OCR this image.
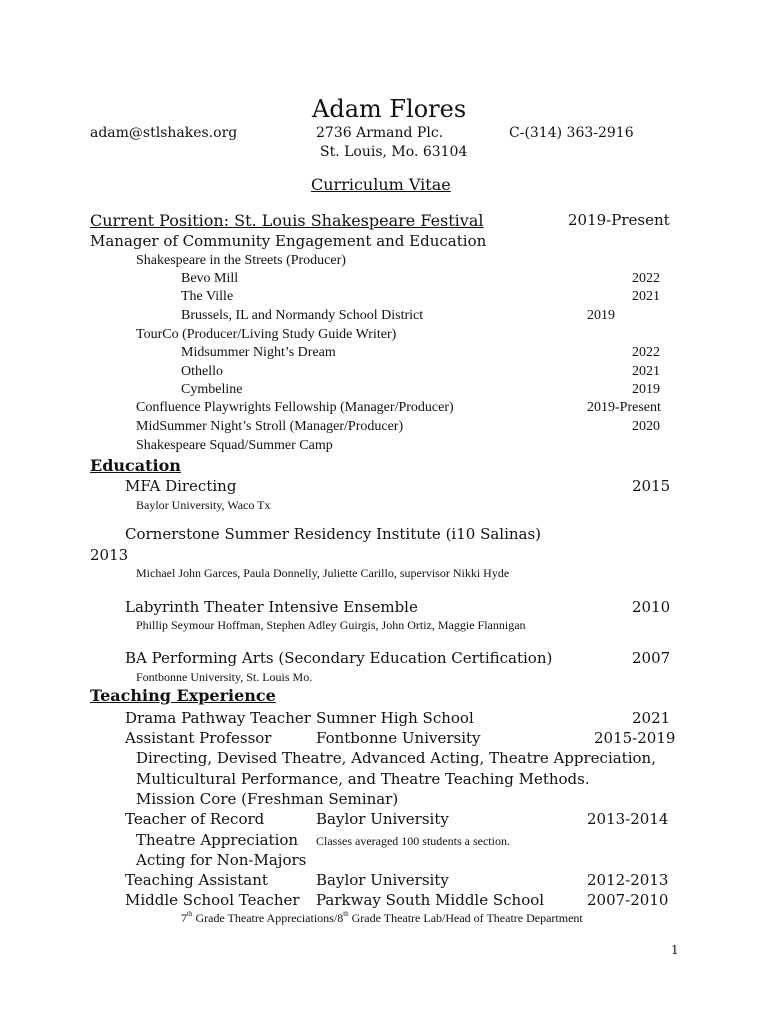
Adam Flores
adam@stlshakes.org	2736 Armand Plc.	C-(314) 363-2916
St. Louis, Mo. 63104
Curriculum Vitae
Current Position: St. Louis Shakespeare Festival	2019-Present
Manager of Community Engagement and Education
Shakespeare in the Streets (Producer)
Bevo Mill	2022
The Ville	2021
Brussels, IL and Normandy School District	2019
TourCo (Producer/Living Study Guide Writer)
Midsummer Night’s Dream	2022
Othello	2021
Cymbeline	2019
Confluence Playwrights Fellowship (Manager/Producer)	2019-Present
MidSummer Night’s Stroll (Manager/Producer)	2020
Shakespeare Squad/Summer Camp
Education
MFA Directing	2015
Baylor University, Waco Tx
Cornerstone Summer Residency Institute (i10 Salinas)
2013
Michael John Garces, Paula Donnelly, Juliette Carillo, supervisor Nikki Hyde
Labyrinth Theater Intensive Ensemble	2010
Phillip Seymour Hoffman, Stephen Adley Guirgis, John Ortiz, Maggie Flannigan
BA Performing Arts (Secondary Education Certification)	2007
Fontbonne University, St. Louis Mo.
Teaching Experience
Drama Pathway Teacher Sumner High School	2021
Assistant Professor	Fontbonne University	2015-2019
Directing, Devised Theatre, Advanced Acting, Theatre Appreciation,
Multicultural Performance, and Theatre Teaching Methods.
Mission Core (Freshman Seminar)
Teacher of Record	Baylor University	2013-2014
Theatre Appreciation Classes averaged 100 students a section.
Acting for Non-Majors
Teaching Assistant	Baylor University	2012-2013
Middle School Teacher Parkway South Middle School	2007-2010
7th Grade Theatre Appreciations/8th Grade Theatre Lab/Head of Theatre Department
1
